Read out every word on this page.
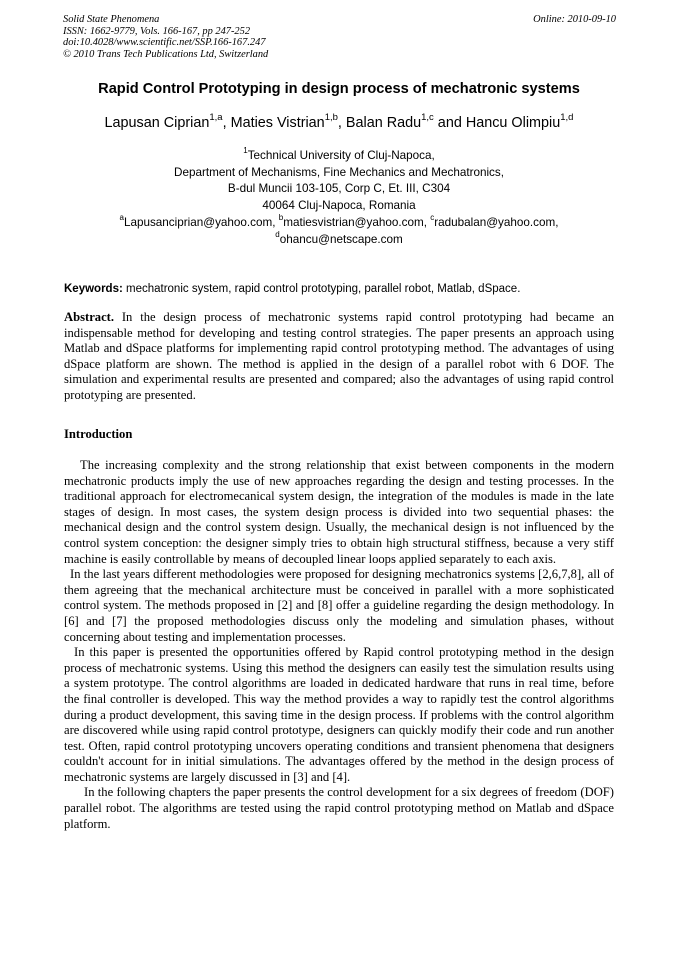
Solid State Phenomena
ISSN: 1662-9779, Vols. 166-167, pp 247-252
doi:10.4028/www.scientific.net/SSP.166-167.247
© 2010 Trans Tech Publications Ltd, Switzerland
Online: 2010-09-10
Rapid Control Prototyping in design process of mechatronic systems
Lapusan Ciprian$^{1,a}$, Maties Vistrian$^{1,b}$, Balan Radu$^{1,c}$ and Hancu Olimpiu$^{1,d}$
$^1$Technical University of Cluj-Napoca,
Department of Mechanisms, Fine Mechanics and Mechatronics,
B-dul Muncii 103-105, Corp C, Et. III, C304
40064 Cluj-Napoca, Romania
$^a$Lapusanciprian@yahoo.com, $^b$matiesvistrian@yahoo.com, $^c$radubalan@yahoo.com,
$^d$ohancu@netscape.com
Keywords: mechatronic system, rapid control prototyping, parallel robot, Matlab, dSpace.
Abstract. In the design process of mechatronic systems rapid control prototyping had became an indispensable method for developing and testing control strategies. The paper presents an approach using Matlab and dSpace platforms for implementing rapid control prototyping method. The advantages of using dSpace platform are shown. The method is applied in the design of a parallel robot with 6 DOF. The simulation and experimental results are presented and compared; also the advantages of using rapid control prototyping are presented.
Introduction

The increasing complexity and the strong relationship that exist between components in the modern mechatronic products imply the use of new approaches regarding the design and testing processes. In the traditional approach for electromecanical system design, the integration of the modules is made in the late stages of design. In most cases, the system design process is divided into two sequential phases: the mechanical design and the control system design. Usually, the mechanical design is not influenced by the control system conception: the designer simply tries to obtain high structural stiffness, because a very stiff machine is easily controllable by means of decoupled linear loops applied separately to each axis.

In the last years different methodologies were proposed for designing mechatronics systems [2,6,7,8], all of them agreeing that the mechanical architecture must be conceived in parallel with a more sophisticated control system. The methods proposed in [2] and [8] offer a guideline regarding the design methodology. In [6] and [7] the proposed methodologies discuss only the modeling and simulation phases, without concerning about testing and implementation processes.

In this paper is presented the opportunities offered by Rapid control prototyping method in the design process of mechatronic systems. Using this method the designers can easily test the simulation results using a system prototype. The control algorithms are loaded in dedicated hardware that runs in real time, before the final controller is developed. This way the method provides a way to rapidly test the control algorithms during a product development, this saving time in the design process. If problems with the control algorithm are discovered while using rapid control prototype, designers can quickly modify their code and run another test. Often, rapid control prototyping uncovers operating conditions and transient phenomena that designers couldn't account for in initial simulations. The advantages offered by the method in the design process of mechatronic systems are largely discussed in [3] and [4].

In the following chapters the paper presents the control development for a six degrees of freedom (DOF) parallel robot. The algorithms are tested using the rapid control prototyping method on Matlab and dSpace platform.
